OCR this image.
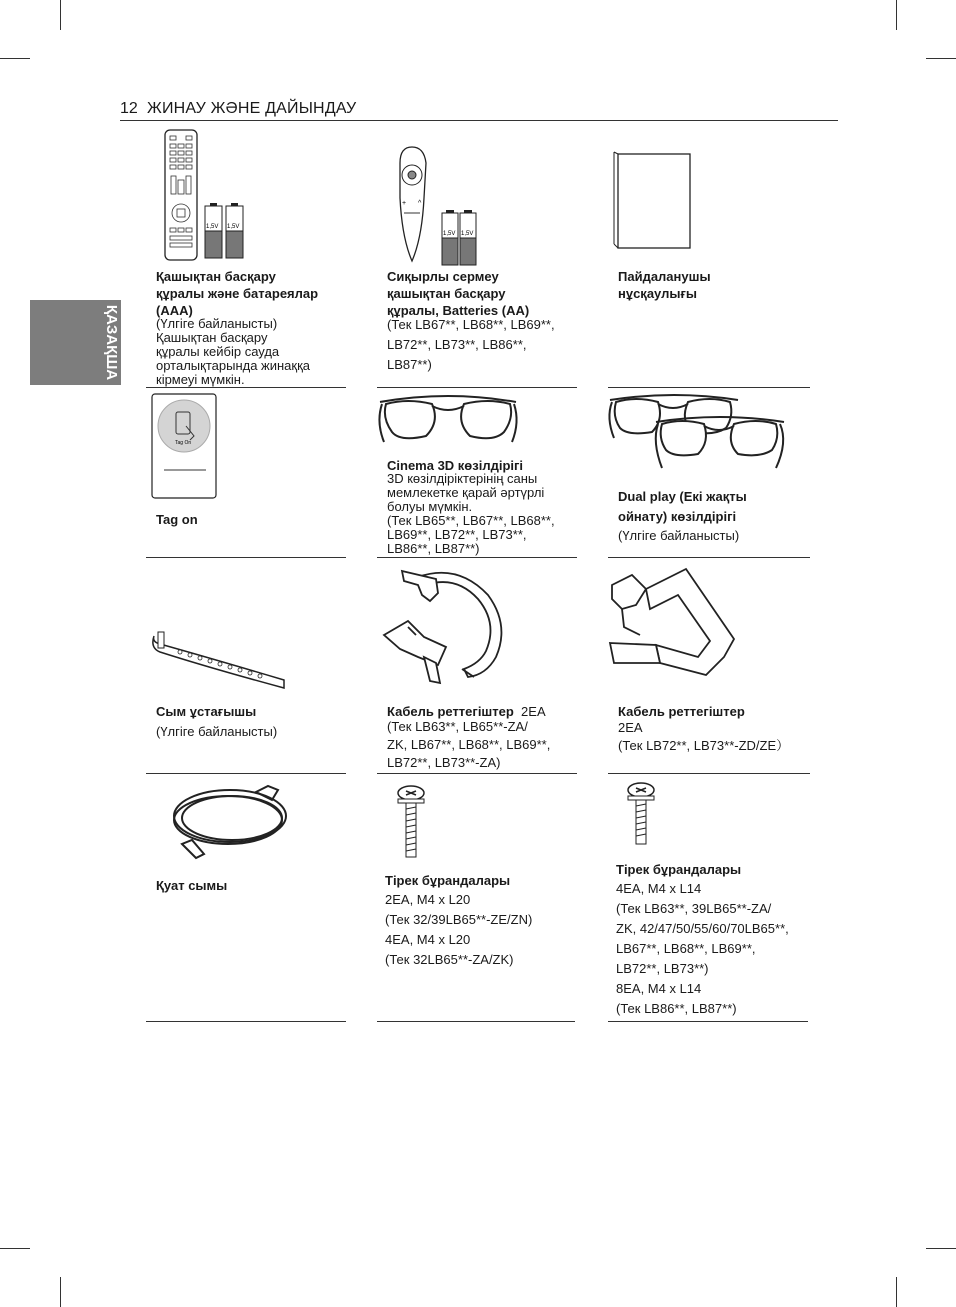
12 ЖИНАУ ЖӘНЕ ДАЙЫНДАУ
ҚАЗАҚША
1,5V 1,5V
Қашықтан басқару
құралы және батареялар
(AAA)
(Үлгіге байланысты)
Қашықтан басқару
құралы кейбір сауда
орталықтарында жинаққа
кірмеуі мүмкін.
+ ^
1,5V 1,5V
Сиқырлы сермеу
қашықтан басқару
құралы, Batteries (AA)
(Тек LB67**, LB68**, LB69**,
LB72**, LB73**, LB86**,
LB87**)
Пайдаланушы
нұсқаулығы
Tag On
Tag on
Cinema 3D көзілдірігі
3D көзілдіріктерінің саны
мемлекетке қарай әртүрлі
болуы мүмкін.
(Тек LB65**, LB67**, LB68**,
LB69**, LB72**, LB73**,
LB86**, LB87**)
Dual play (Екі жақты
ойнату) көзілдірігі
(Үлгіге байланысты)
Сым ұстағышы
(Үлгіге байланысты)
Кабель реттегіштер 2EA
(Тек LB63**, LB65**-ZA/
ZK, LB67**, LB68**, LB69**,
LB72**, LB73**-ZA)
Кабель реттегіштер
2EA
(Тек LB72**, LB73**-ZD/ZE）
Қуат сымы	Тірек бұрандалары
2EA, M4 x L20
(Тек 32/39LB65**-ZE/ZN)
4EA, M4 x L20
(Тек 32LB65**-ZA/ZK)
Тірек бұрандалары
4EA, M4 x L14
(Тек LB63**, 39LB65**-ZA/
ZK, 42/47/50/55/60/70LB65**,
LB67**, LB68**, LB69**,
LB72**, LB73**)
8EA, M4 x L14
(Тек LB86**, LB87**)
